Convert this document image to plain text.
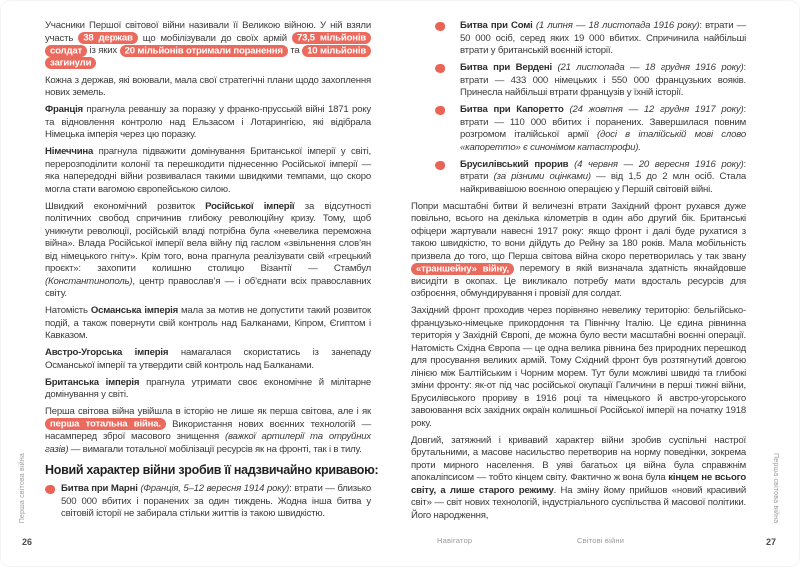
Учасники Першої світової війни називали її Великою війною. У ній взяли участь 38 держав що мобілізували до своїх армій 73,5 мільйонів солдат із яких 20 мільйонів отримали поранення та 10 мільйонів загинули

Кожна з держав, які воювали, мала свої стратегічні плани щодо захоплення нових земель.

Франція прагнула реваншу за поразку у франко-прусській війні 1871 року та відновлення контролю над Ельзасом і Лотарингією, які відібрала Німецька імперія через цю поразку.

Німеччина прагнула підважити домінування Британської імперії у світі, перерозподілити колонії та перешкодити піднесенню Російської імперії — яка напередодні війни розвивалася такими швидкими темпами, що скоро могла стати вагомою європейською силою.

Швидкий економічний розвиток Російської імперії за відсутності політичних свобод спричинив глибоку революційну кризу. Тому, щоб уникнути революції, російській владі потрібна була «невелика переможна війна». Влада Російської імперії вела війну під гаслом «звільнення слов’ян від німецького гніту». Крім того, вона прагнула реалізувати свій «грецький проєкт»: захопити колишню столицю Візантії — Стамбул (Константинополь), центр православ’я — і об’єднати всіх православних світу.

Натомість Османська імперія мала за мотив не допустити такий розвиток подій, а також повернути свій контроль над Балканами, Кіпром, Єгиптом і Кавказом.

Австро-Угорська імперія намагалася скористатись із занепаду Османської імперії та утвердити свій контроль над Балканами.

Британська імперія прагнула утримати своє економічне й мілітарне домінування у світі.

Перша світова війна увійшла в історію не лише як перша світова, але і як перша тотальна війна. Використання нових воєнних технологій — насамперед зброї масового знищення (важкої артилерії та отруйних газів) — вимагали тотальної мобілізації ресурсів як на фронті, так і в тилу.

Новий характер війни зробив її надзвичайно кривавою:
Битва при Марні (Франція, 5–12 вересня 1914 року): втрати — близько 500 000 вбитих і поранених за один тиждень. Жодна інша битва у світовій історії не забирала стільки життів із такою швидкістю.
Битва при Сомі (1 липня — 18 листопада 1916 року): втрати — 50 000 осіб, серед яких 19 000 вбитих. Спричинила найбільші втрати у британській воєнній історії.
Битва при Вердені (21 листопада — 18 грудня 1916 року): втрати — 433 000 німецьких і 550 000 французьких вояків. Принесла найбільші втрати французів у їхній історії.
Битва при Капоретто (24 жовтня — 12 грудня 1917 року): втрати — 110 000 вбитих і поранених. Завершилася повним розгромом італійської армії (досі в італійській мові слово «капоретто» є синонімом катастрофи).
Брусилівський прорив (4 червня — 20 вересня 1916 року): втрати (за різними оцінками) — від 1,5 до 2 млн осіб. Стала найкривавішою воєнною операцією у Першій світовій війні.

Попри масштабні битви й величезні втрати Західний фронт рухався дуже повільно, всього на декілька кілометрів в один або другий бік. Британські офіцери жартували навесні 1917 року: якщо фронт і далі буде рухатися з такою швидкістю, то вони дійдуть до Рейну за 180 років. Мала мобільність призвела до того, що Перша світова війна скоро перетворилась у так звану «траншейну» війну, перемогу в якій визначала здатність якнайдовше висидіти в окопах. Це викликало потребу мати вдосталь ресурсів для озброєння, обмундирування і провізії для солдат.

Західний фронт проходив через порівняно невелику територію: бельгійсько-французько-німецьке прикордоння та Північну Італію. Це єдина рівнинна територія у Західній Європі, де можна було вести масштабні воєнні операції. Натомість Східна Європа — це одна велика рівнина без природних перешкод для просування великих армій. Тому Східний фронт був розтягнутий довгою лінією між Балтійським і Чорним морем. Тут були можливі швидкі та глибокі зміни фронту: як-от під час російської окупації Галичини в перші тижні війни, Брусилівського прориву в 1916 році та німецького й австро-угорського завоювання всіх західних окраїн колишньої Російської імперії на початку 1918 року.

Довгий, затяжний і кривавий характер війни зробив суспільні настрої брутальними, а масове насильство перетворив на норму поведінки, зокрема проти мирного населення. В уяві багатьох ця війна була справжнім апокаліпсисом — тобто кінцем світу. Фактично ж вона була кінцем не всього світу, а лише старого режиму. На зміну йому прийшов «новий красивий світ» — світ нових технологій, індустріального суспільства й масової політики. Його народження,

Перша світова війна	Перша світова війна
26	27
Навігатор	Світові війни
